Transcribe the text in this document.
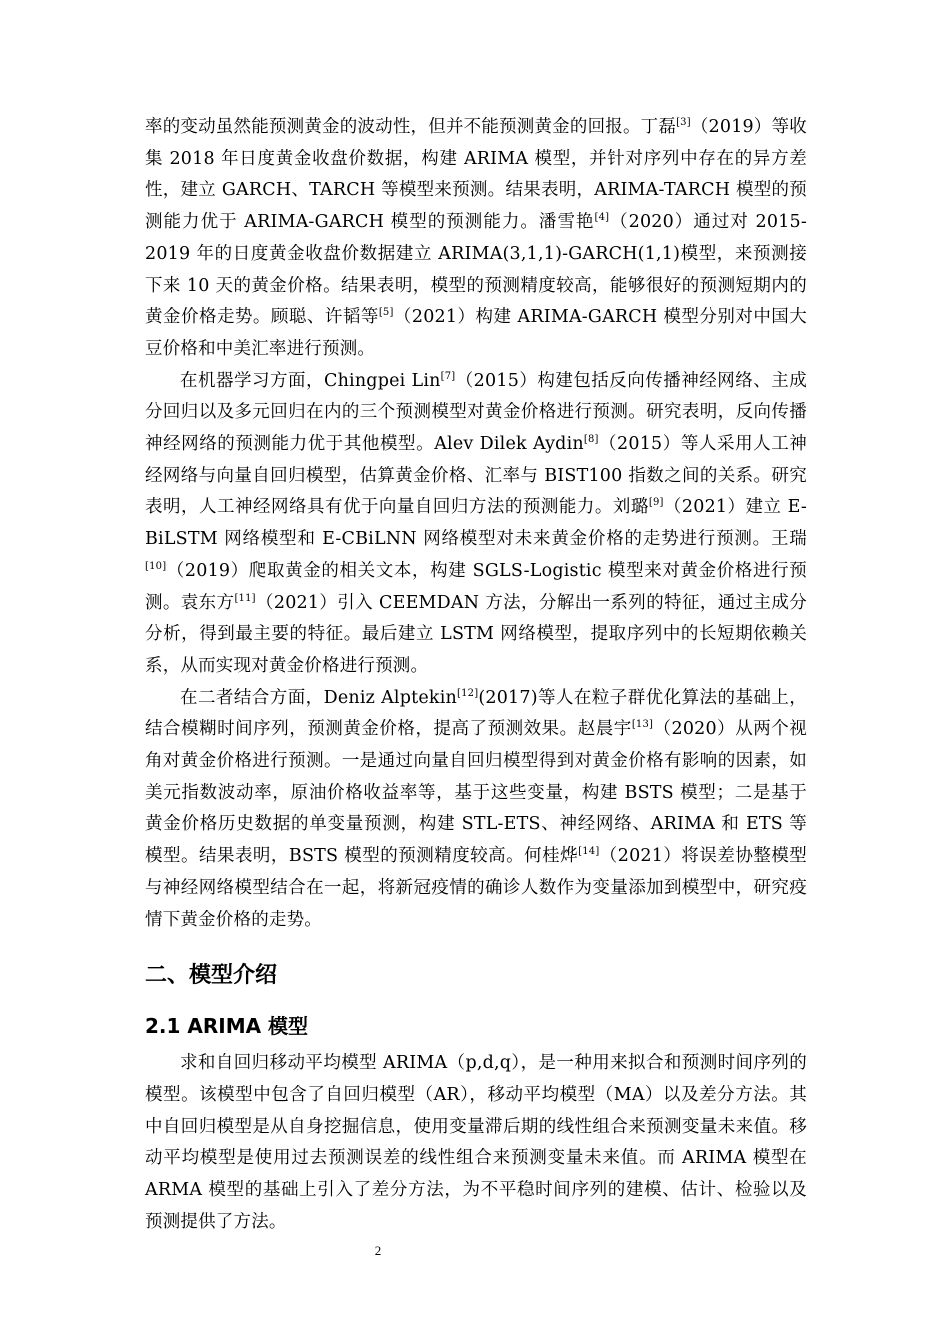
率的变动虽然能预测黄金的波动性，但并不能预测黄金的回报。丁磊[3]（2019）等收集 2018 年日度黄金收盘价数据，构建 ARIMA 模型，并针对序列中存在的异方差性，建立 GARCH、TARCH 等模型来预测。结果表明，ARIMA-TARCH 模型的预测能力优于 ARIMA-GARCH 模型的预测能力。潘雪艳[4]（2020）通过对 2015-2019 年的日度黄金收盘价数据建立 ARIMA(3,1,1)-GARCH(1,1)模型，来预测接下来 10 天的黄金价格。结果表明，模型的预测精度较高，能够很好的预测短期内的黄金价格走势。顾聪、许韬等[5]（2021）构建 ARIMA-GARCH 模型分别对中国大豆价格和中美汇率进行预测。

在机器学习方面，Chingpei Lin[7]（2015）构建包括反向传播神经网络、主成分回归以及多元回归在内的三个预测模型对黄金价格进行预测。研究表明，反向传播神经网络的预测能力优于其他模型。Alev Dilek Aydin[8]（2015）等人采用人工神经网络与向量自回归模型，估算黄金价格、汇率与 BIST100 指数之间的关系。研究表明，人工神经网络具有优于向量自回归方法的预测能力。刘璐[9]（2021）建立 E-BiLSTM 网络模型和 E-CBiLNN 网络模型对未来黄金价格的走势进行预测。王瑞[10]（2019）爬取黄金的相关文本，构建 SGLS-Logistic 模型来对黄金价格进行预测。袁东方[11]（2021）引入 CEEMDAN 方法，分解出一系列的特征，通过主成分分析，得到最主要的特征。最后建立 LSTM 网络模型，提取序列中的长短期依赖关系，从而实现对黄金价格进行预测。

在二者结合方面，Deniz Alptekin[12](2017)等人在粒子群优化算法的基础上，结合模糊时间序列，预测黄金价格，提高了预测效果。赵晨宇[13]（2020）从两个视角对黄金价格进行预测。一是通过向量自回归模型得到对黄金价格有影响的因素，如美元指数波动率，原油价格收益率等，基于这些变量，构建 BSTS 模型；二是基于黄金价格历史数据的单变量预测，构建 STL-ETS、神经网络、ARIMA 和 ETS 等模型。结果表明，BSTS 模型的预测精度较高。何桂烨[14]（2021）将误差协整模型与神经网络模型结合在一起，将新冠疫情的确诊人数作为变量添加到模型中，研究疫情下黄金价格的走势。

二、模型介绍
2.1 ARIMA 模型

求和自回归移动平均模型 ARIMA（p,d,q），是一种用来拟合和预测时间序列的模型。该模型中包含了自回归模型（AR），移动平均模型（MA）以及差分方法。其中自回归模型是从自身挖掘信息，使用变量滞后期的线性组合来预测变量未来值。移动平均模型是使用过去预测误差的线性组合来预测变量未来值。而 ARIMA 模型在 ARMA 模型的基础上引入了差分方法，为不平稳时间序列的建模、估计、检验以及预测提供了方法。

2
